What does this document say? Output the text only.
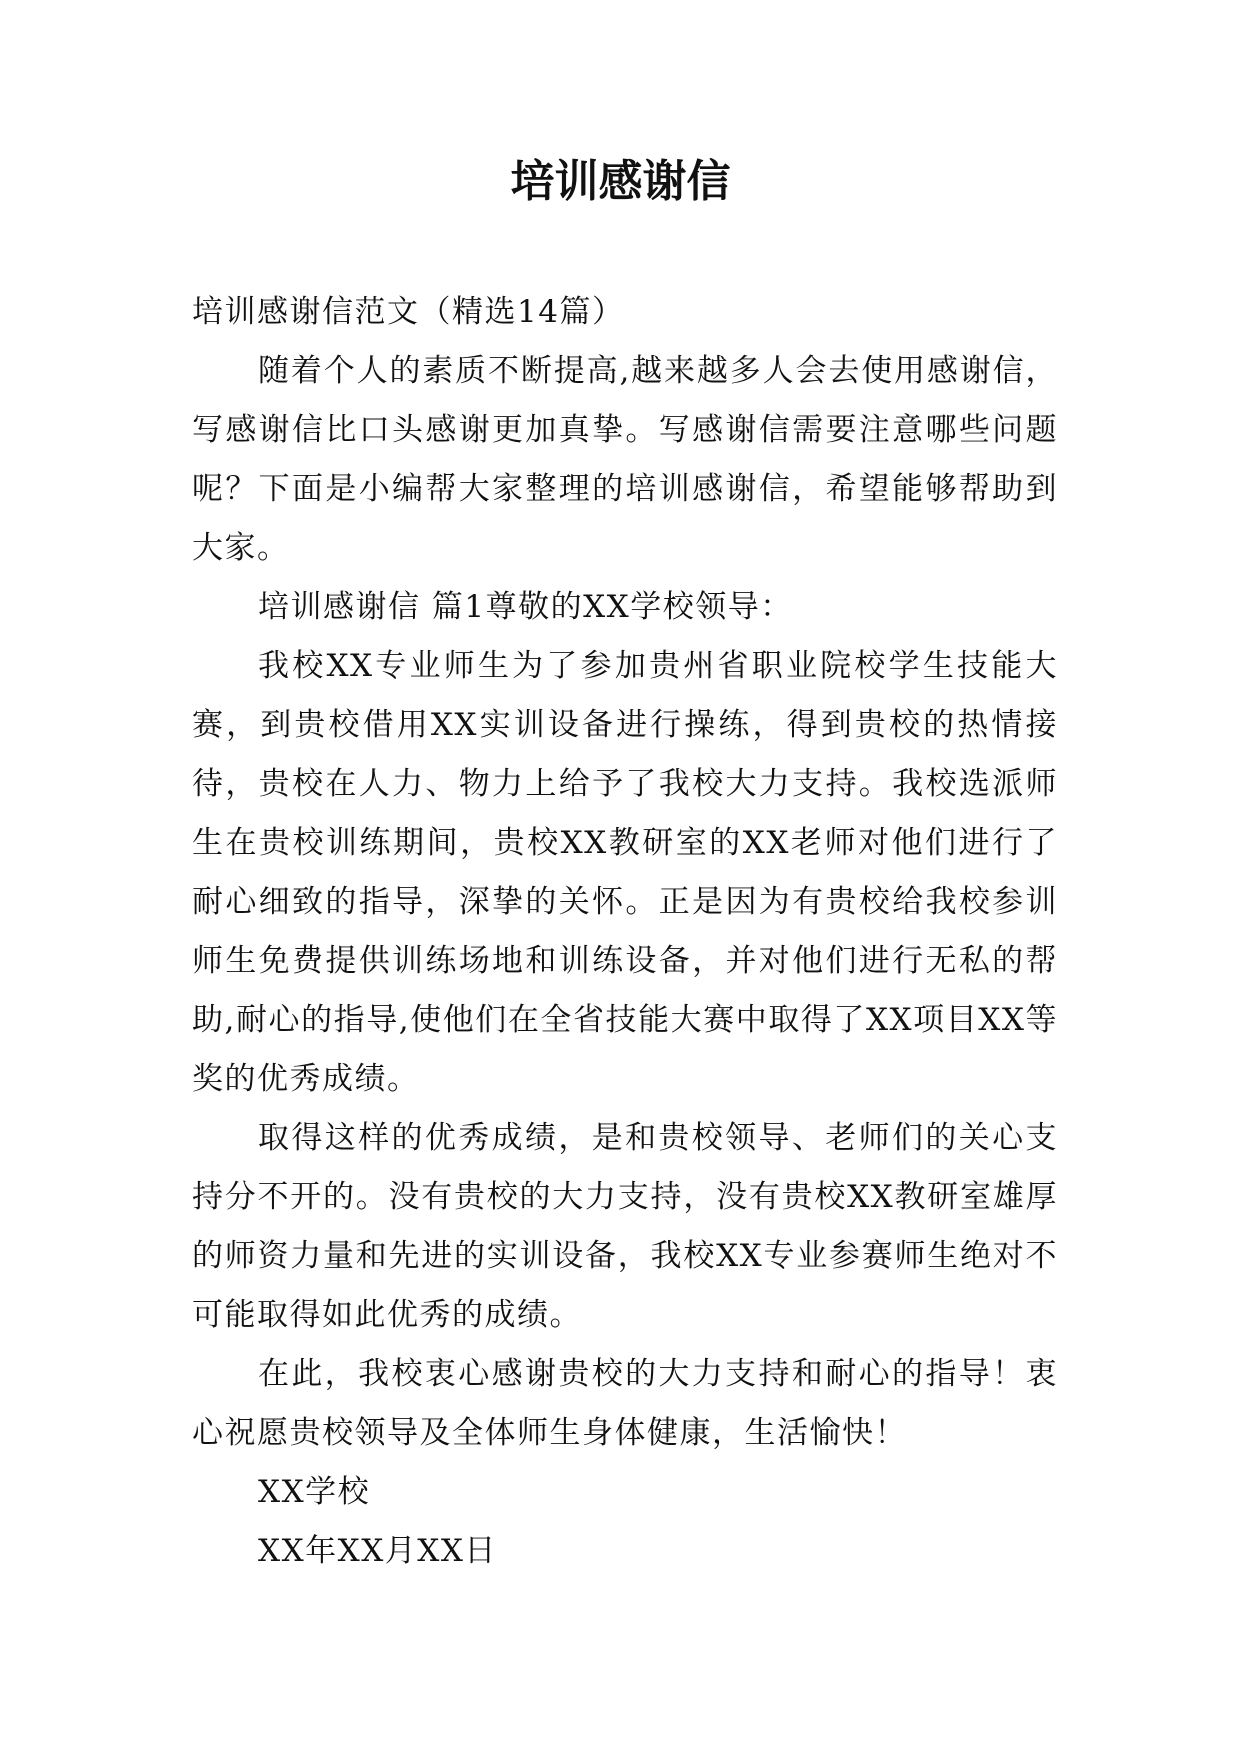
培训感谢信

培训感谢信范文（精选14篇）

随着个人的素质不断提高,越来越多人会去使用感谢信，写感谢信比口头感谢更加真挚。写感谢信需要注意哪些问题呢？下面是小编帮大家整理的培训感谢信，希望能够帮助到大家。

培训感谢信 篇1尊敬的XX学校领导：

我校XX专业师生为了参加贵州省职业院校学生技能大赛，到贵校借用XX实训设备进行操练，得到贵校的热情接待，贵校在人力、物力上给予了我校大力支持。我校选派师生在贵校训练期间，贵校XX教研室的XX老师对他们进行了耐心细致的指导，深挚的关怀。正是因为有贵校给我校参训师生免费提供训练场地和训练设备，并对他们进行无私的帮助,耐心的指导,使他们在全省技能大赛中取得了XX项目XX等奖的优秀成绩。

取得这样的优秀成绩，是和贵校领导、老师们的关心支持分不开的。没有贵校的大力支持，没有贵校XX教研室雄厚的师资力量和先进的实训设备，我校XX专业参赛师生绝对不可能取得如此优秀的成绩。

在此，我校衷心感谢贵校的大力支持和耐心的指导！衷心祝愿贵校领导及全体师生身体健康，生活愉快！

XX学校

XX年XX月XX日
